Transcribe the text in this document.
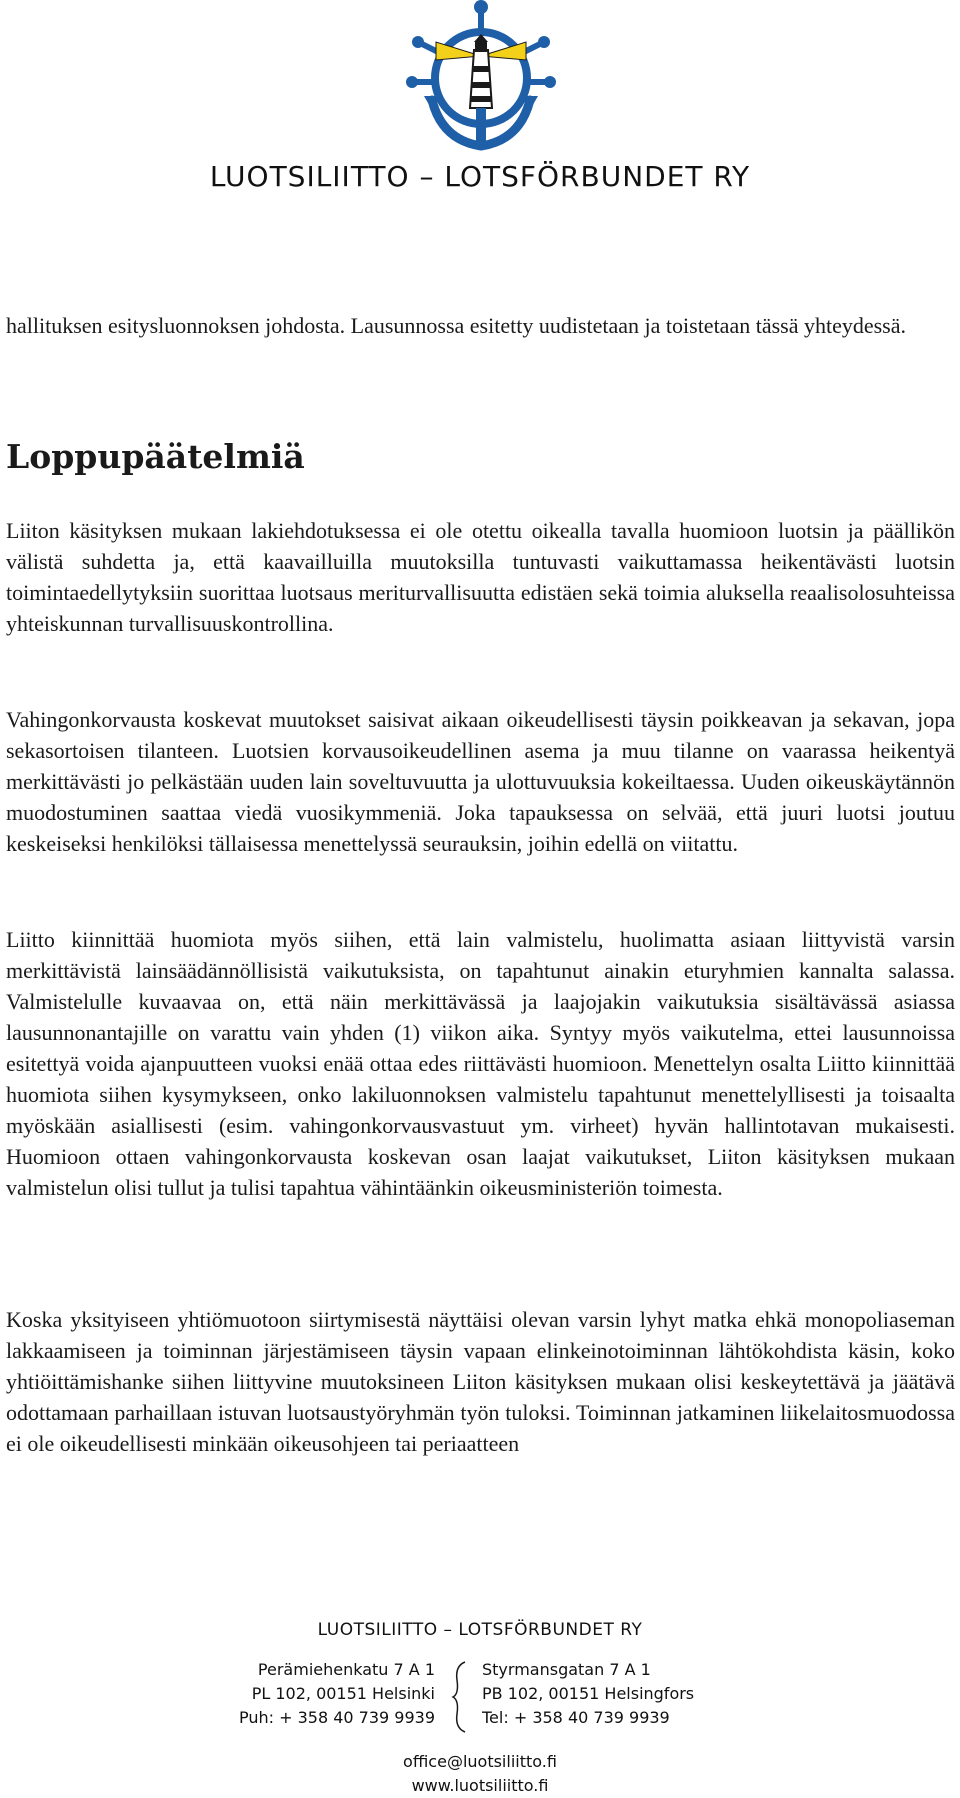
LUOTSILIITTO – LOTSFÖRBUNDET RY

hallituksen esitysluonnoksen johdosta. Lausunnossa esitetty uudistetaan ja toistetaan tässä yhteydessä.

Loppupäätelmiä

Liiton käsityksen mukaan lakiehdotuksessa ei ole otettu oikealla tavalla huomioon luotsin ja päällikön välistä suhdetta ja, että kaavailluilla muutoksilla tuntuvasti vaikuttamassa heikentävästi luotsin toimintaedellytyksiin suorittaa luotsaus meriturvallisuutta edistäen sekä toimia aluksella reaalisolosuhteissa yhteiskunnan turvallisuuskontrollina.

Vahingonkorvausta koskevat muutokset saisivat aikaan oikeudellisesti täysin poikkeavan ja sekavan, jopa sekasortoisen tilanteen. Luotsien korvausoikeudellinen asema ja muu tilanne on vaarassa heikentyä merkittävästi jo pelkästään uuden lain soveltuvuutta ja ulottuvuuksia kokeiltaessa. Uuden oikeuskäytännön muodostuminen saattaa viedä vuosikymmeniä. Joka tapauksessa on selvää, että juuri luotsi joutuu keskeiseksi henkilöksi tällaisessa menettelyssä seurauksin, joihin edellä on viitattu.

Liitto kiinnittää huomiota myös siihen, että lain valmistelu, huolimatta asiaan liittyvistä varsin merkittävistä lainsäädännöllisistä vaikutuksista, on tapahtunut ainakin eturyhmien kannalta salassa. Valmistelulle kuvaavaa on, että näin merkittävässä ja laajojakin vaikutuksia sisältävässä asiassa lausunnonantajille on varattu vain yhden (1) viikon aika. Syntyy myös vaikutelma, ettei lausunnoissa esitettyä voida ajanpuutteen vuoksi enää ottaa edes riittävästi huomioon. Menettelyn osalta Liitto kiinnittää huomiota siihen kysymykseen, onko lakiluonnoksen valmistelu tapahtunut menettelyllisesti ja toisaalta myöskään asiallisesti (esim. vahingonkorvausvastuut ym. virheet) hyvän hallintotavan mukaisesti. Huomioon ottaen vahingonkorvausta koskevan osan laajat vaikutukset, Liiton käsityksen mukaan valmistelun olisi tullut ja tulisi tapahtua vähintäänkin oikeusministeriön toimesta.

Koska yksityiseen yhtiömuotoon siirtymisestä näyttäisi olevan varsin lyhyt matka ehkä monopoliaseman lakkaamiseen ja toiminnan järjestämiseen täysin vapaan elinkeinotoiminnan lähtökohdista käsin, koko yhtiöittämishanke siihen liittyvine muutoksineen Liiton käsityksen mukaan olisi keskeytettävä ja jäätävä odottamaan parhaillaan istuvan luotsaustyöryhmän työn tuloksi. Toiminnan jatkaminen liikelaitosmuodossa ei ole oikeudellisesti minkään oikeusohjeen tai periaatteen

LUOTSILIITTO – LOTSFÖRBUNDET RY
Perämiehenkatu 7 A 1
PL 102, 00151 Helsinki
Puh: + 358 40 739 9939
Styrmansgatan 7 A 1
PB 102, 00151 Helsingfors
Tel: + 358 40 739 9939
office@luotsiliitto.fi
www.luotsiliitto.fi
